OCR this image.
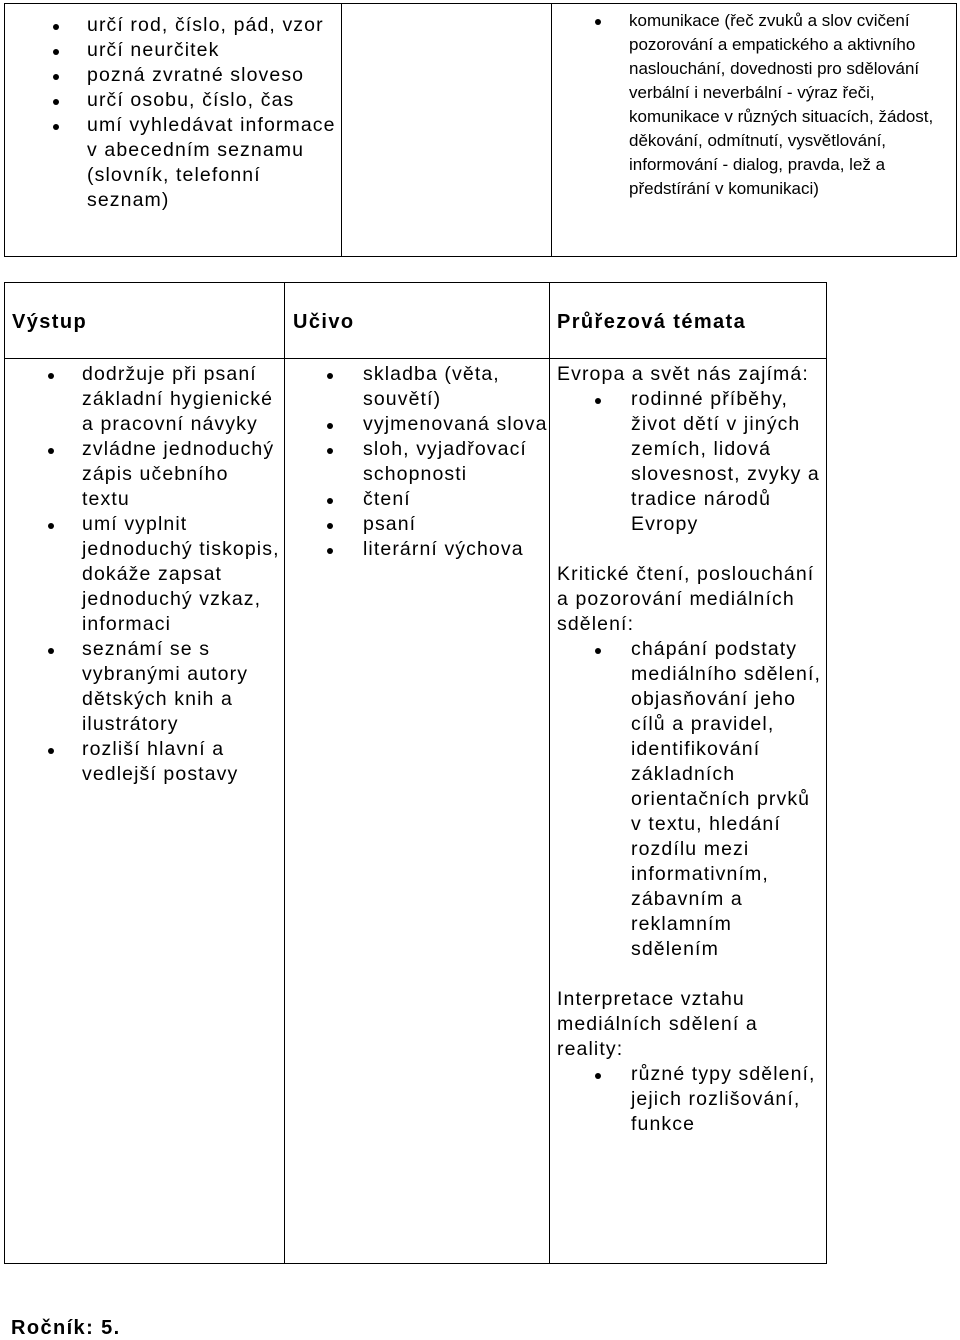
určí rod, číslo, pád, vzor
určí neurčitek
pozná zvratné sloveso
určí osobu, číslo, čas
umí vyhledávat informace v abecedním seznamu (slovník, telefonní seznam)
komunikace (řeč zvuků a slov cvičení pozorování a empatického a aktivního naslouchání, dovednosti pro sdělování verbální i neverbální - výraz řeči, komunikace v různých situacích, žádost, děkování, odmítnutí, vysvětlování, informování - dialog, pravda, lež a předstírání v komunikaci)
Výstup	Učivo	Průřezová témata
dodržuje při psaní základní hygienické a pracovní návyky
zvládne jednoduchý zápis učebního textu
umí vyplnit jednoduchý tiskopis, dokáže zapsat jednoduchý vzkaz, informaci
seznámí se s vybranými autory dětských knih a ilustrátory
rozliší hlavní a vedlejší postavy
skladba (věta, souvětí)
vyjmenovaná slova
sloh, vyjadřovací schopnosti
čtení
psaní
literární výchova
Evropa a svět nás zajímá:
rodinné příběhy, život dětí v jiných zemích, lidová slovesnost, zvyky a tradice národů Evropy
Kritické čtení, poslouchání a pozorování mediálních sdělení:
chápání podstaty mediálního sdělení, objasňování jeho cílů a pravidel, identifikování základních orientačních prvků v textu, hledání rozdílu mezi informativním, zábavním a reklamním sdělením
Interpretace vztahu mediálních sdělení a reality:
různé typy sdělení, jejich rozlišování, funkce
Ročník: 5.
